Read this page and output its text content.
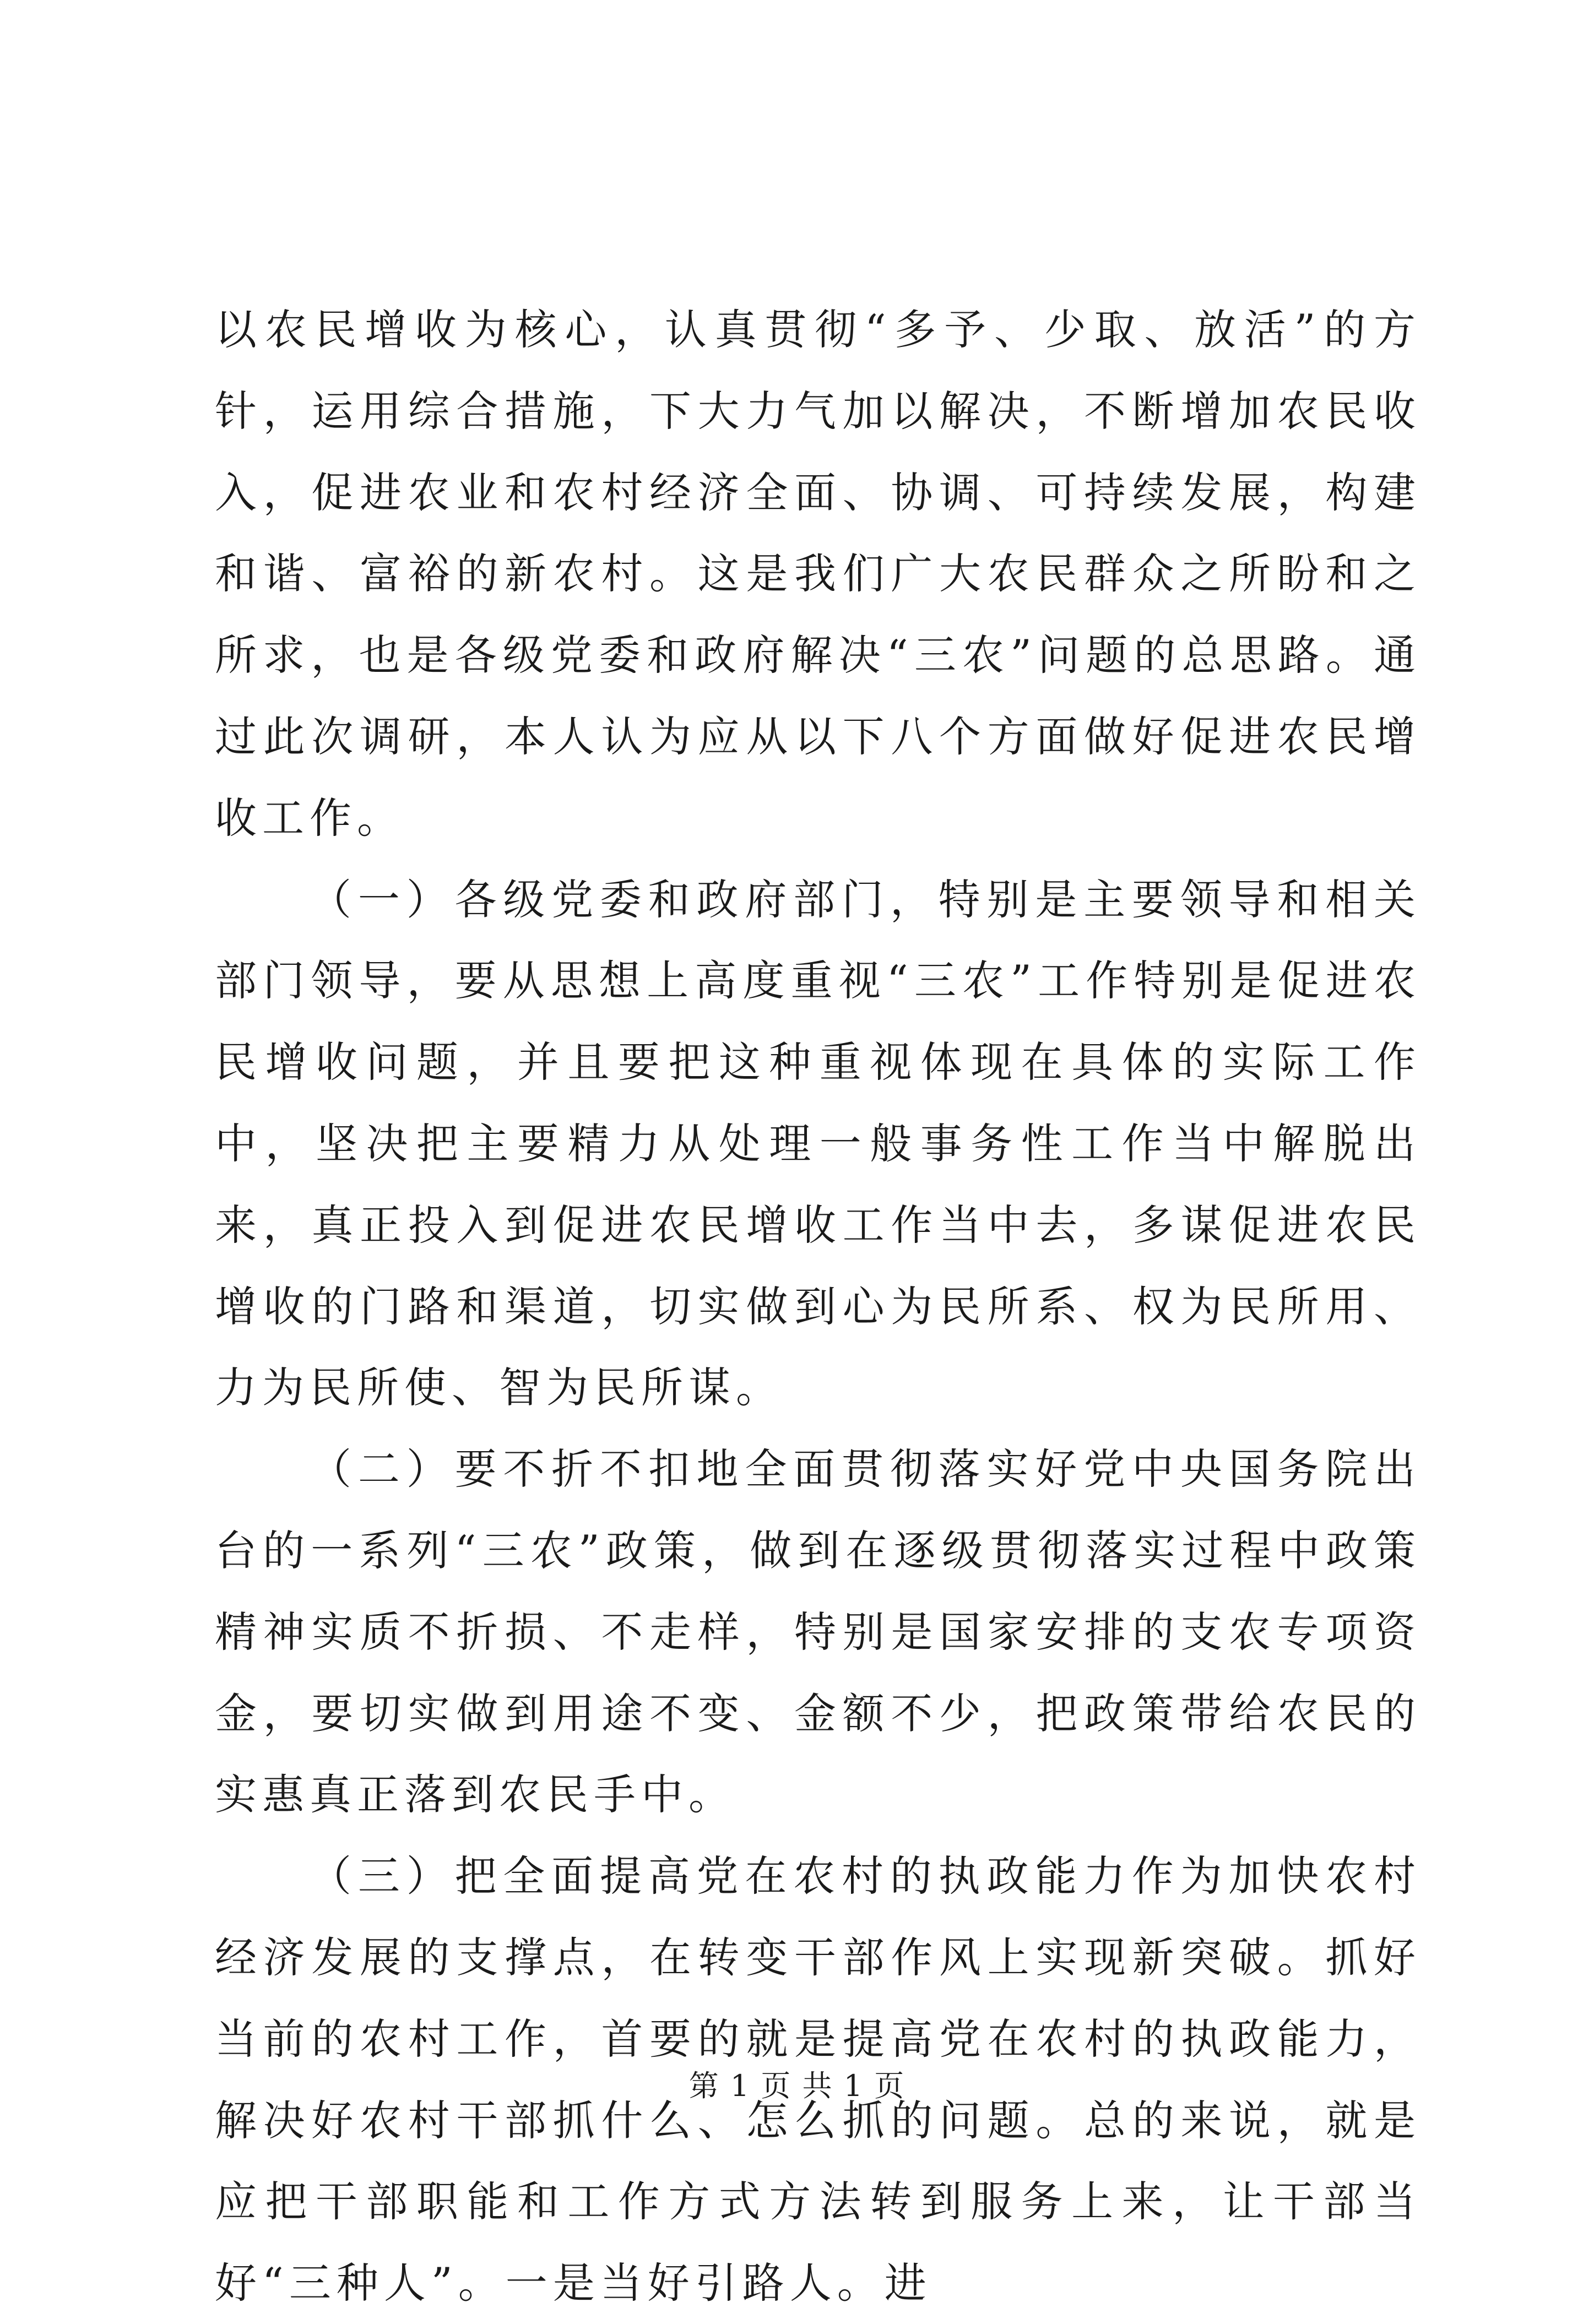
以农民增收为核心，认真贯彻“多予、少取、放活”的方针，运用综合措施，下大力气加以解决，不断增加农民收入，促进农业和农村经济全面、协调、可持续发展，构建和谐、富裕的新农村。这是我们广大农民群众之所盼和之所求，也是各级党委和政府解决“三农”问题的总思路。通过此次调研，本人认为应从以下八个方面做好促进农民增收工作。

（一）各级党委和政府部门，特别是主要领导和相关部门领导，要从思想上高度重视“三农”工作特别是促进农民增收问题，并且要把这种重视体现在具体的实际工作中，坚决把主要精力从处理一般事务性工作当中解脱出来，真正投入到促进农民增收工作当中去，多谋促进农民增收的门路和渠道，切实做到心为民所系、权为民所用、力为民所使、智为民所谋。

（二）要不折不扣地全面贯彻落实好党中央国务院出台的一系列“三农”政策，做到在逐级贯彻落实过程中政策精神实质不折损、不走样，特别是国家安排的支农专项资金，要切实做到用途不变、金额不少，把政策带给农民的实惠真正落到农民手中。

（三）把全面提高党在农村的执政能力作为加快农村经济发展的支撑点，在转变干部作风上实现新突破。抓好当前的农村工作，首要的就是提高党在农村的执政能力，解决好农村干部抓什么、怎么抓的问题。总的来说，就是应把干部职能和工作方式方法转到服务上来，让干部当好“三种人”。一是当好引路人。进

第 1 页 共 1 页
